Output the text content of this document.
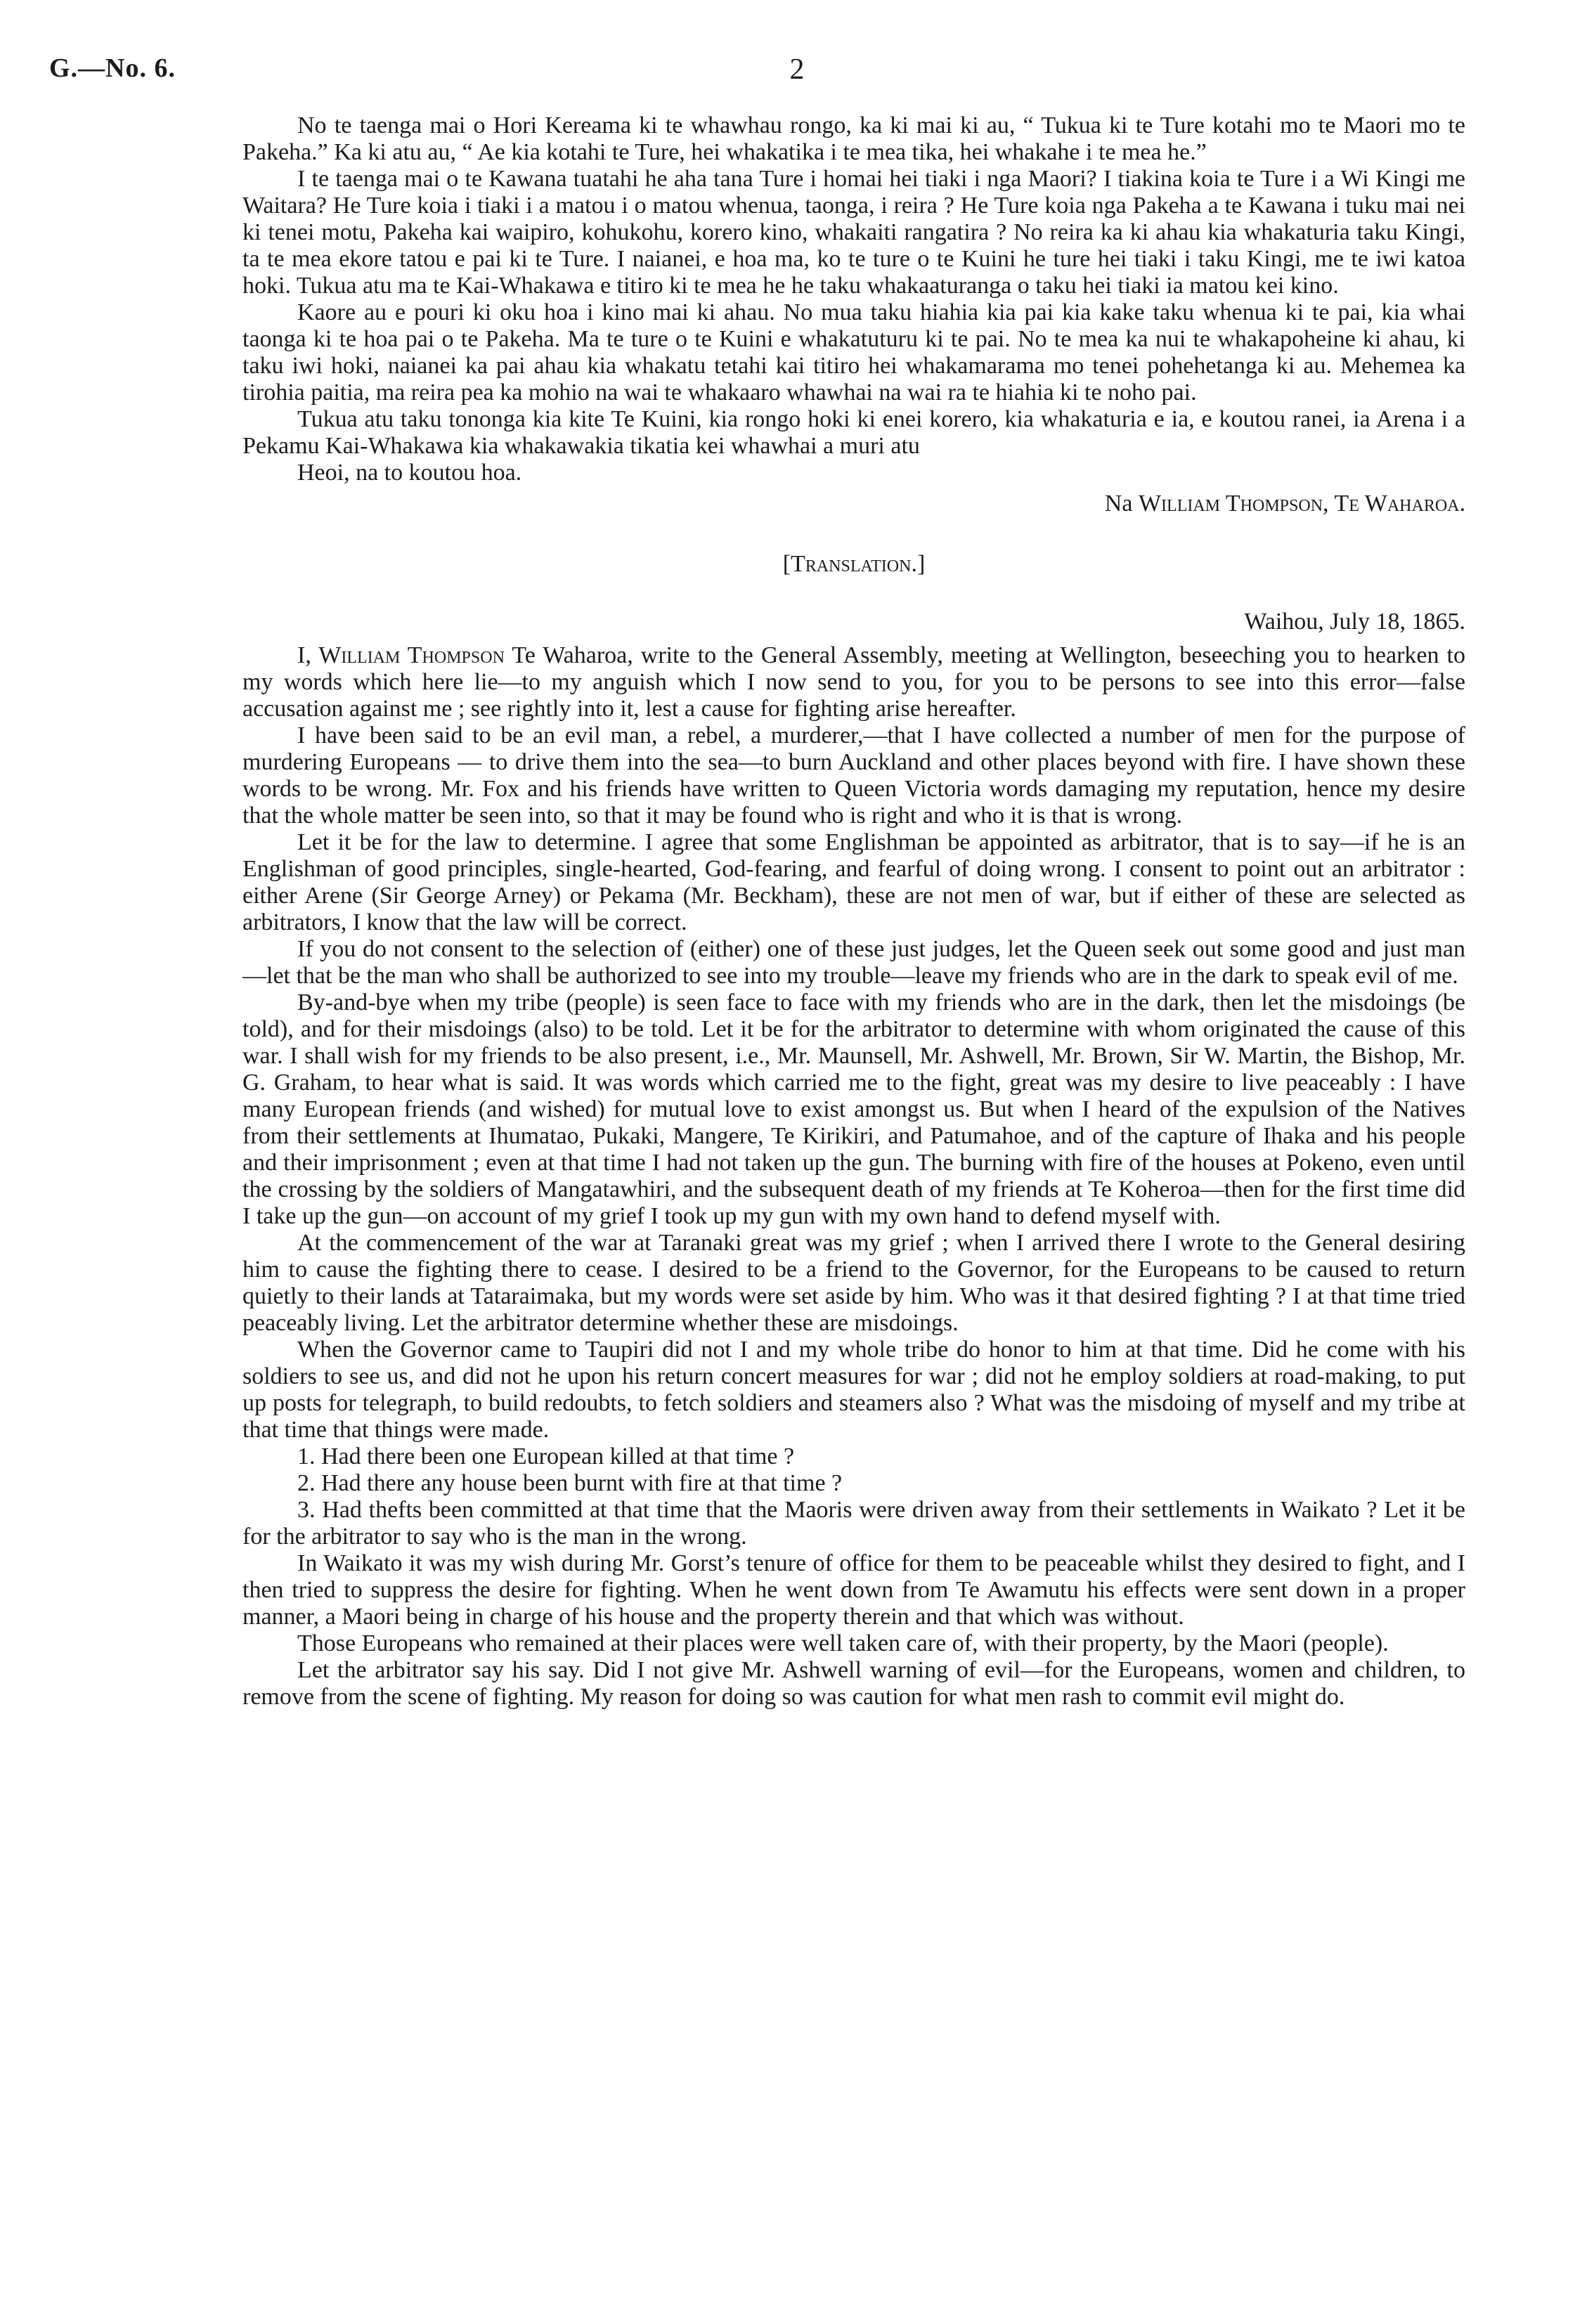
G.—No. 6.	2

No te taenga mai o Hori Kereama ki te whawhau rongo, ka ki mai ki au, “ Tukua ki te Ture kotahi mo te Maori mo te Pakeha.” Ka ki atu au, “ Ae kia kotahi te Ture, hei whakatika i te mea tika, hei whakahe i te mea he.”

I te taenga mai o te Kawana tuatahi he aha tana Ture i homai hei tiaki i nga Maori? I tiakina koia te Ture i a Wi Kingi me Waitara? He Ture koia i tiaki i a matou i o matou whenua, taonga, i reira ? He Ture koia nga Pakeha a te Kawana i tuku mai nei ki tenei motu, Pakeha kai waipiro, kohukohu, korero kino, whakaiti rangatira ? No reira ka ki ahau kia whakaturia taku Kingi, ta te mea ekore tatou e pai ki te Ture. I naianei, e hoa ma, ko te ture o te Kuini he ture hei tiaki i taku Kingi, me te iwi katoa hoki. Tukua atu ma te Kai-Whakawa e titiro ki te mea he he taku whakaaturanga o taku hei tiaki ia matou kei kino.

Kaore au e pouri ki oku hoa i kino mai ki ahau. No mua taku hiahia kia pai kia kake taku whenua ki te pai, kia whai taonga ki te hoa pai o te Pakeha. Ma te ture o te Kuini e whakatuturu ki te pai. No te mea ka nui te whakapoheine ki ahau, ki taku iwi hoki, naianei ka pai ahau kia whakatu tetahi kai titiro hei whakamarama mo tenei pohehetanga ki au. Mehemea ka tirohia paitia, ma reira pea ka mohio na wai te whakaaro whawhai na wai ra te hiahia ki te noho pai.

Tukua atu taku tononga kia kite Te Kuini, kia rongo hoki ki enei korero, kia whakaturia e ia, e koutou ranei, ia Arena i a Pekamu Kai-Whakawa kia whakawakia tikatia kei whawhai a muri atu

Heoi, na to koutou hoa.

Na William Thompson, Te Waharoa.

[Translation.]

Waihou, July 18, 1865.

I, William Thompson Te Waharoa, write to the General Assembly, meeting at Wellington, beseeching you to hearken to my words which here lie—to my anguish which I now send to you, for you to be persons to see into this error—false accusation against me ; see rightly into it, lest a cause for fighting arise hereafter.

I have been said to be an evil man, a rebel, a murderer,—that I have collected a number of men for the purpose of murdering Europeans — to drive them into the sea—to burn Auckland and other places beyond with fire. I have shown these words to be wrong. Mr. Fox and his friends have written to Queen Victoria words damaging my reputation, hence my desire that the whole matter be seen into, so that it may be found who is right and who it is that is wrong.

Let it be for the law to determine. I agree that some Englishman be appointed as arbitrator, that is to say—if he is an Englishman of good principles, single-hearted, God-fearing, and fearful of doing wrong. I consent to point out an arbitrator : either Arene (Sir George Arney) or Pekama (Mr. Beckham), these are not men of war, but if either of these are selected as arbitrators, I know that the law will be correct.

If you do not consent to the selection of (either) one of these just judges, let the Queen seek out some good and just man—let that be the man who shall be authorized to see into my trouble—leave my friends who are in the dark to speak evil of me.

By-and-bye when my tribe (people) is seen face to face with my friends who are in the dark, then let the misdoings (be told), and for their misdoings (also) to be told. Let it be for the arbitrator to determine with whom originated the cause of this war. I shall wish for my friends to be also present, i.e., Mr. Maunsell, Mr. Ashwell, Mr. Brown, Sir W. Martin, the Bishop, Mr. G. Graham, to hear what is said. It was words which carried me to the fight, great was my desire to live peaceably : I have many European friends (and wished) for mutual love to exist amongst us. But when I heard of the expulsion of the Natives from their settlements at Ihumatao, Pukaki, Mangere, Te Kirikiri, and Patumahoe, and of the capture of Ihaka and his people and their imprisonment ; even at that time I had not taken up the gun. The burning with fire of the houses at Pokeno, even until the crossing by the soldiers of Mangatawhiri, and the subsequent death of my friends at Te Koheroa—then for the first time did I take up the gun—on account of my grief I took up my gun with my own hand to defend myself with.

At the commencement of the war at Taranaki great was my grief ; when I arrived there I wrote to the General desiring him to cause the fighting there to cease. I desired to be a friend to the Governor, for the Europeans to be caused to return quietly to their lands at Tataraimaka, but my words were set aside by him. Who was it that desired fighting ? I at that time tried peaceably living. Let the arbitrator determine whether these are misdoings.

When the Governor came to Taupiri did not I and my whole tribe do honor to him at that time. Did he come with his soldiers to see us, and did not he upon his return concert measures for war ; did not he employ soldiers at road-making, to put up posts for telegraph, to build redoubts, to fetch soldiers and steamers also ? What was the misdoing of myself and my tribe at that time that things were made.

1. Had there been one European killed at that time ?

2. Had there any house been burnt with fire at that time ?

3. Had thefts been committed at that time that the Maoris were driven away from their settlements in Waikato ? Let it be for the arbitrator to say who is the man in the wrong.

In Waikato it was my wish during Mr. Gorst’s tenure of office for them to be peaceable whilst they desired to fight, and I then tried to suppress the desire for fighting. When he went down from Te Awamutu his effects were sent down in a proper manner, a Maori being in charge of his house and the property therein and that which was without.

Those Europeans who remained at their places were well taken care of, with their property, by the Maori (people).

Let the arbitrator say his say. Did I not give Mr. Ashwell warning of evil—for the Europeans, women and children, to remove from the scene of fighting. My reason for doing so was caution for what men rash to commit evil might do.
